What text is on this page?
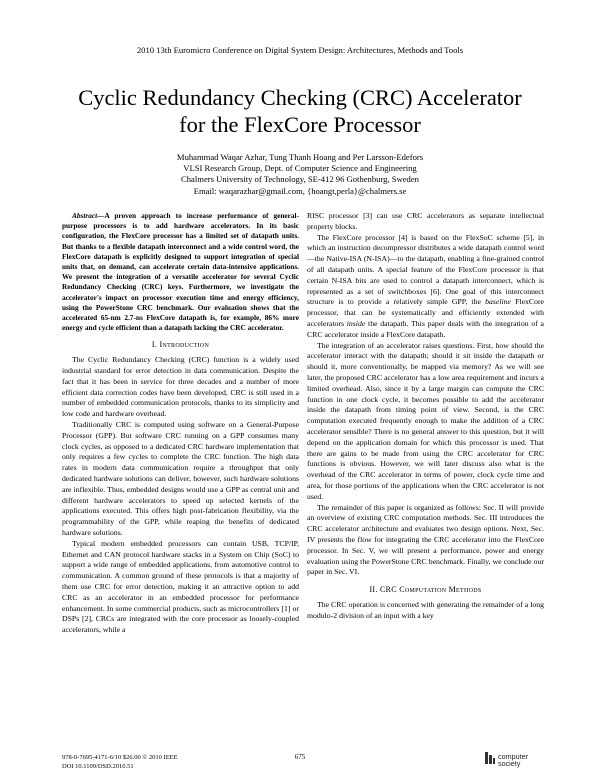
2010 13th Euromicro Conference on Digital System Design: Architectures, Methods and Tools
Cyclic Redundancy Checking (CRC) Accelerator
for the FlexCore Processor
Muhammad Waqar Azhar, Tung Thanh Hoang and Per Larsson-Edefors
VLSI Research Group, Dept. of Computer Science and Engineering
Chalmers University of Technology, SE-412 96 Gothenburg, Sweden
Email: waqarazhar@gmail.com, {hoangt,perla}@chalmers.se

Abstract—A proven approach to increase performance of general-purpose processors is to add hardware accelerators. In its basic configuration, the FlexCore processor has a limited set of datapath units. But thanks to a flexible datapath interconnect and a wide control word, the FlexCore datapath is explicitly designed to support integration of special units that, on demand, can accelerate certain data-intensive applications. We present the integration of a versatile accelerator for several Cyclic Redundancy Checking (CRC) keys. Furthermore, we investigate the accelerator's impact on processor execution time and energy efficiency, using the PowerStone CRC benchmark. Our evaluation shows that the accelerated 65-nm 2.7-ns FlexCore datapath is, for example, 86% more energy and cycle efficient than a datapath lacking the CRC accelerator.

I. Introduction

The Cyclic Redundancy Checking (CRC) function is a widely used industrial standard for error detection in data communication. Despite the fact that it has been in service for three decades and a number of more efficient data correction codes have been developed, CRC is still used in a number of embedded communication protocols, thanks to its simplicity and low code and hardware overhead.

Traditionally CRC is computed using software on a General-Purpose Processor (GPP). But software CRC running on a GPP consumes many clock cycles, as opposed to a dedicated CRC hardware implementation that only requires a few cycles to complete the CRC function. The high data rates in modern data communication require a throughput that only dedicated hardware solutions can deliver, however, such hardware solutions are inflexible. Thus, embedded designs would use a GPP as central unit and different hardware accelerators to speed up selected kernels of the applications executed. This offers high post-fabrication flexibility, via the programmability of the GPP, while reaping the benefits of dedicated hardware solutions.

Typical modern embedded processors can contain USB, TCP/IP, Ethernet and CAN protocol hardware stacks in a System on Chip (SoC) to support a wide range of embedded applications, from automotive control to communication. A common ground of these protocols is that a majority of them use CRC for error detection, making it an attractive option to add CRC as an accelerator in an embedded processor for performance enhancement. In some commercial products, such as microcontrollers [1] or DSPs [2], CRCs are integrated with the core processor as loosely-coupled accelerators, while a

RISC processor [3] can use CRC accelerators as separate intellectual property blocks.

The FlexCore processor [4] is based on the FlexSoC scheme [5], in which an instruction decompressor distributes a wide datapath control word—the Native-ISA (N-ISA)—to the datapath, enabling a fine-grained control of all datapath units. A special feature of the FlexCore processor is that certain N-ISA bits are used to control a datapath interconnect, which is represented as a set of switchboxes [6]. One goal of this interconnect structure is to provide a relatively simple GPP, the baseline FlexCore processor, that can be systematically and efficiently extended with accelerators inside the datapath. This paper deals with the integration of a CRC accelerator inside a FlexCore datapath.

The integration of an accelerator raises questions. First, how should the accelerator interact with the datapath; should it sit inside the datapath or should it, more conventionally, be mapped via memory? As we will see later, the proposed CRC accelerator has a low area requirement and incurs a limited overhead. Also, since it by a large margin can compute the CRC function in one clock cycle, it becomes possible to add the accelerator inside the datapath from timing point of view. Second, is the CRC computation executed frequently enough to make the addition of a CRC accelerator sensible? There is no general answer to this question, but it will depend on the application domain for which this processor is used. That there are gains to be made from using the CRC accelerator for CRC functions is obvious. However, we will later discuss also what is the overhead of the CRC accelerator in terms of power, clock cycle time and area, for those portions of the applications when the CRC accelerator is not used.

The remainder of this paper is organized as follows: Sec. II will provide an overview of existing CRC computation methods. Sec. III introduces the CRC accelerator architecture and evaluates two design options. Next, Sec. IV presents the flow for integrating the CRC accelerator into the FlexCore processor. In Sec. V, we will present a performance, power and energy evaluation using the PowerStone CRC benchmark. Finally, we conclude our paper in Sec. VI.

II. CRC Computation Methods

The CRC operation is concerned with generating the remainder of a long modulo-2 division of an input with a key

978-0-7695-4171-6/10 $26.00 © 2010 IEEE
DOI 10.1109/DSD.2010.51
675	computer
society
